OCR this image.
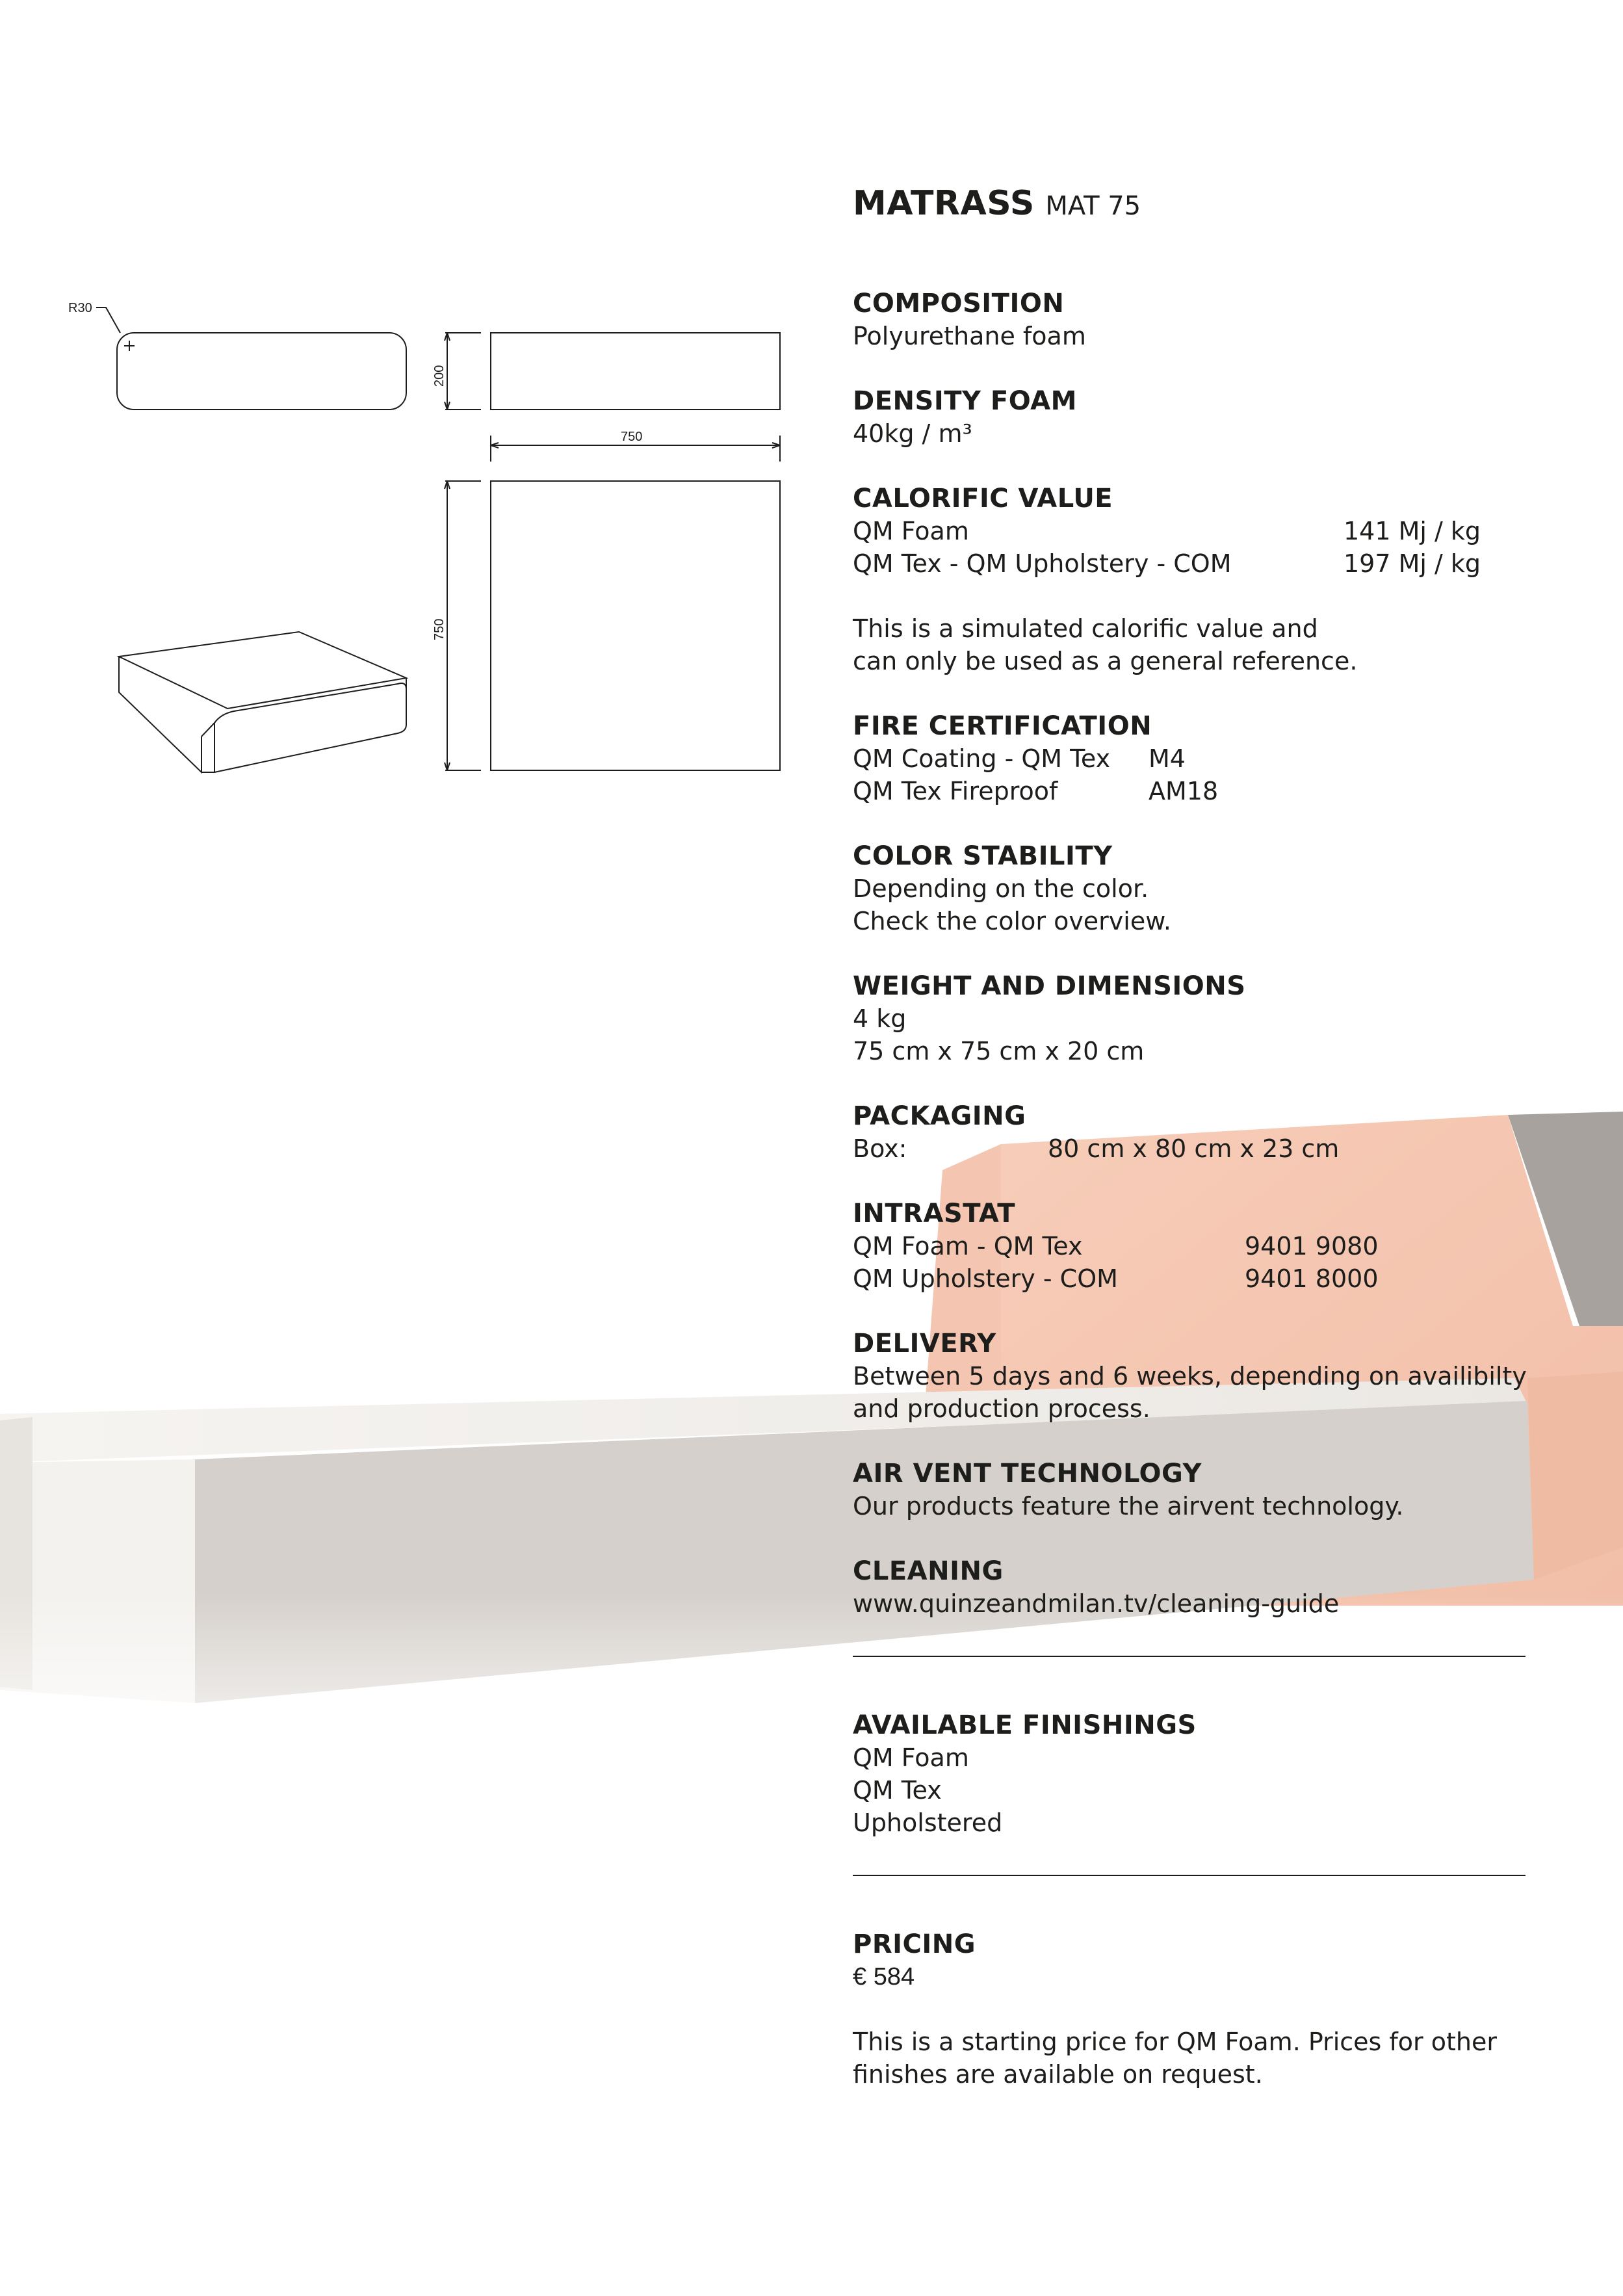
R30
200
750
750
MATRASS MAT 75
COMPOSITION
Polyurethane foam
DENSITY FOAM
40kg / m³
CALORIFIC VALUE
QM Foam	141 Mj / kg
QM Tex - QM Upholstery - COM	197 Mj / kg
This is a simulated calorific value and
can only be used as a general reference.
FIRE CERTIFICATION
QM Coating - QM Tex	M4
QM Tex Fireproof	AM18
COLOR STABILITY
Depending on the color.
Check the color overview.
WEIGHT AND DIMENSIONS
4 kg
75 cm x 75 cm x 20 cm
PACKAGING
Box:	80 cm x 80 cm x 23 cm
INTRASTAT
QM Foam - QM Tex	9401 9080
QM Upholstery - COM	9401 8000
DELIVERY
Between 5 days and 6 weeks, depending on availibilty
and production process.
AIR VENT TECHNOLOGY
Our products feature the airvent technology.
CLEANING
www.quinzeandmilan.tv/cleaning-guide
AVAILABLE FINISHINGS
QM Foam
QM Tex
Upholstered
PRICING
€ 584
This is a starting price for QM Foam. Prices for other
finishes are available on request.
